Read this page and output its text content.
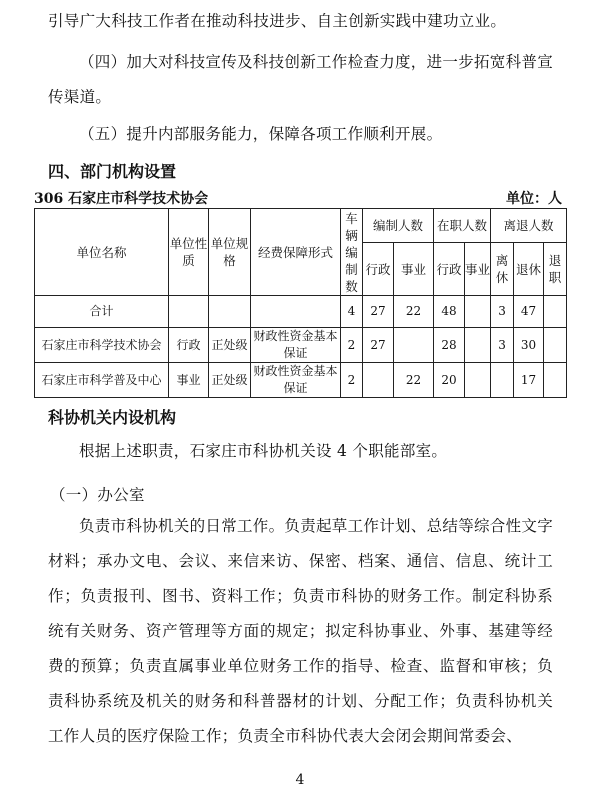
引导广大科技工作者在推动科技进步、自主创新实践中建功立业。

（四）加大对科技宣传及科技创新工作检查力度，进一步拓宽科普宣传渠道。

（五）提升内部服务能力，保障各项工作顺利开展。

四、部门机构设置

306 石家庄市科学技术协会	单位：人
单位名称	单位性质	单位规格	经费保障形式	车辆编制数	编制人数		在职人数		离退人数		
					行政	事业	行政	事业	离休	退休	退职
合计				4	27	22	48		3	47	
石家庄市科学技术协会	行政	正处级	财政性资金基本保证	2	27		28		3	30	
石家庄市科学普及中心	事业	正处级	财政性资金基本保证	2		22	20			17	

科协机关内设机构

根据上述职责，石家庄市科协机关设 4 个职能部室。

（一）办公室

负责市科协机关的日常工作。负责起草工作计划、总结等综合性文字材料；承办文电、会议、来信来访、保密、档案、通信、信息、统计工作；负责报刊、图书、资料工作；负责市科协的财务工作。制定科协系统有关财务、资产管理等方面的规定；拟定科协事业、外事、基建等经费的预算；负责直属事业单位财务工作的指导、检查、监督和审核；负责科协系统及机关的财务和科普器材的计划、分配工作；负责科协机关工作人员的医疗保险工作；负责全市科协代表大会闭会期间常委会、

4
